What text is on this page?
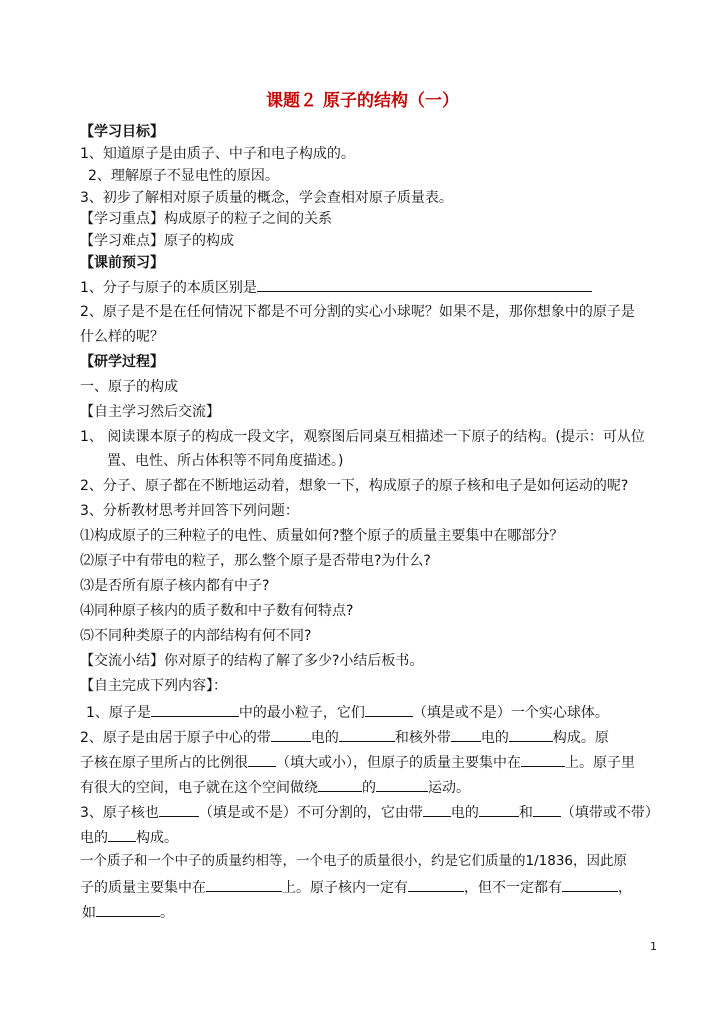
课题２ 原子的结构（一）
【学习目标】
1、知道原子是由质子、中子和电子构成的。
2、理解原子不显电性的原因。
3、初步了解相对原子质量的概念，学会查相对原子质量表。
【学习重点】构成原子的粒子之间的关系
【学习难点】原子的构成
【课前预习】
1、分子与原子的本质区别是
2、原子是不是在任何情况下都是不可分割的实心小球呢？如果不是，那你想象中的原子是
什么样的呢？
【研学过程】
一、原子的构成
【自主学习然后交流】
1、 阅读课本原子的构成一段文字，观察图后同桌互相描述一下原子的结构。(提示：可从位
置、电性、所占体积等不同角度描述。)
2、分子、原子都在不断地运动着，想象一下，构成原子的原子核和电子是如何运动的呢?
3、分析教材思考并回答下列问题：
⑴构成原子的三种粒子的电性、质量如何?整个原子的质量主要集中在哪部分？
⑵原子中有带电的粒子，那么整个原子是否带电?为什么?
⑶是否所有原子核内都有中子?
⑷同种原子核内的质子数和中子数有何特点?
⑸不同种类原子的内部结构有何不同?
【交流小结】你对原子的结构了解了多少?小结后板书。
【自主完成下列内容】：
1、原子是	中的最小粒子，它们	（填是或不是）一个实心球体。
2、原子是由居于原子中心的带	电的	和核外带 电的	构成。原
子核在原子里所占的比例很 （填大或小），但原子的质量主要集中在	上。原子里
有很大的空间，电子就在这个空间做绕	的	运动。
3、原子核也	（填是或不是）不可分割的，它由带 电的	和 （填带或不带）
电的 构成。
一个质子和一个中子的质量约相等，一个电子的质量很小，约是它们质量的1/1836，因此原
子的质量主要集中在	上。原子核内一定有	，但不一定都有	，
如	。
1
